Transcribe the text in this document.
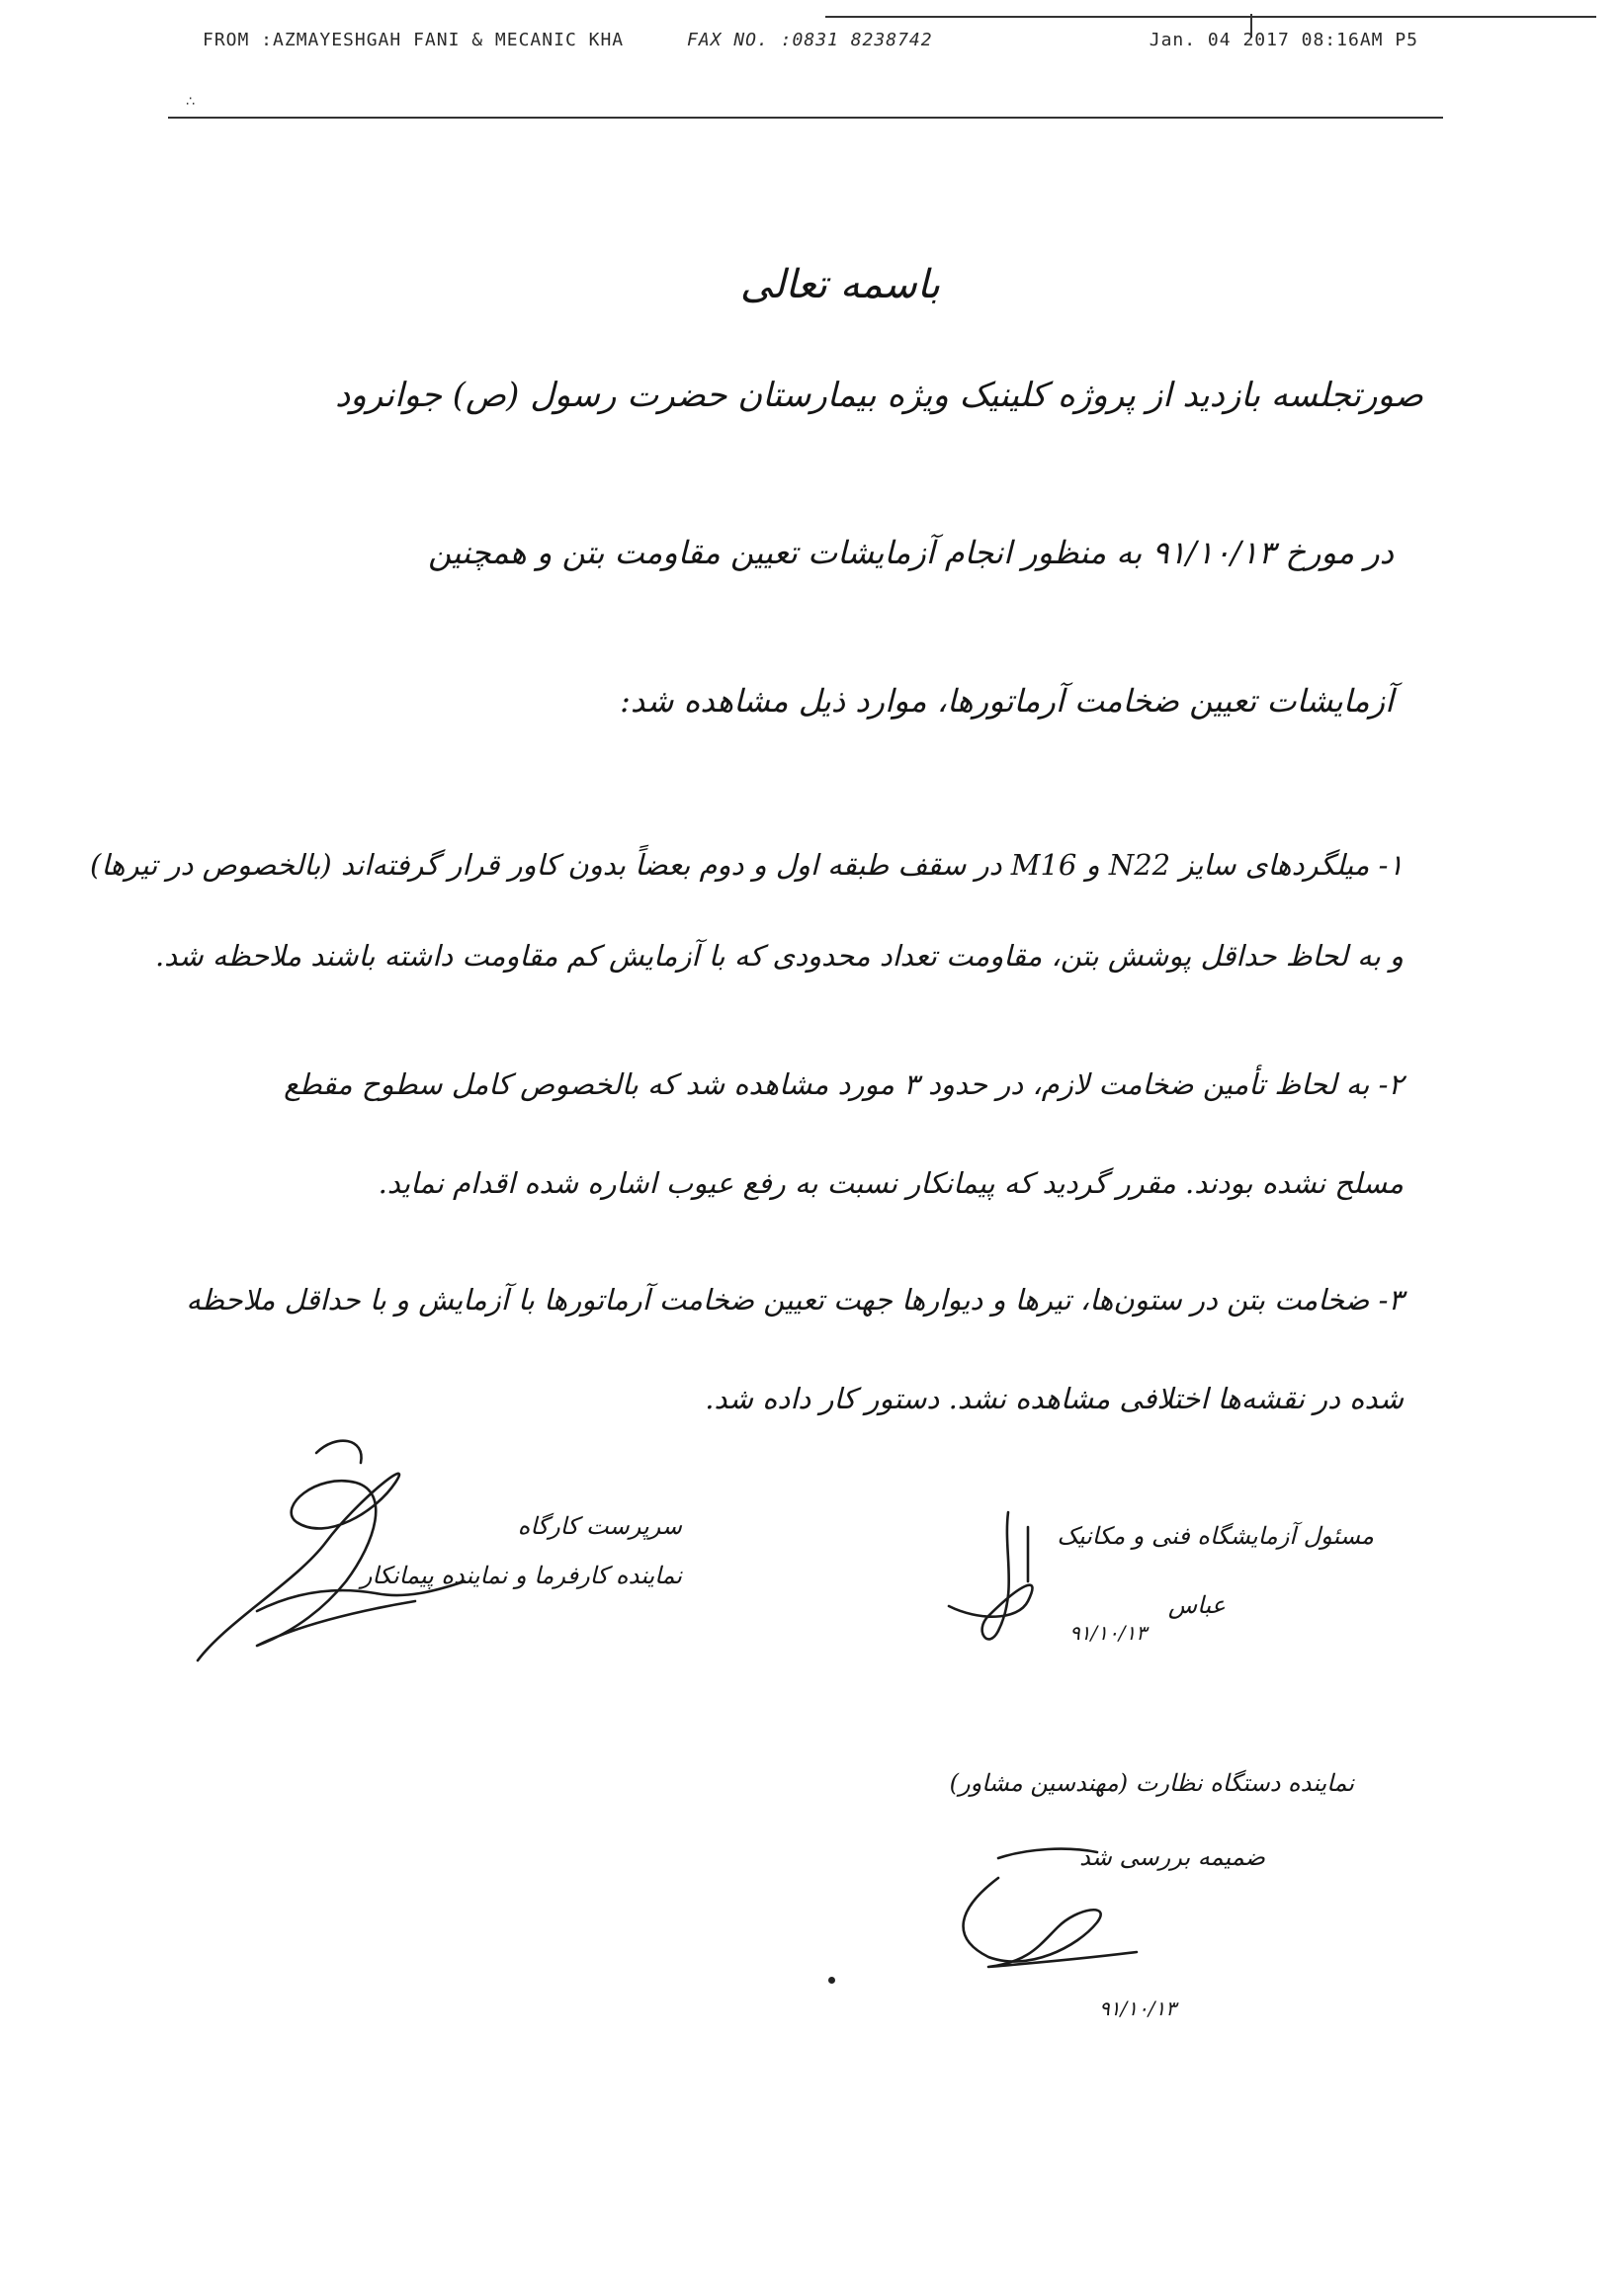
FROM :AZMAYESHGAH FANI & MECANIC KHA	FAX NO. :0831 8238742	Jan. 04 2017 08:16AM P5
∴
باسمه تعالی
صورتجلسه بازدید از پروژه کلینیک ویژه بیمارستان حضرت رسول (ص) جوانرود
در مورخ ۹۱/۱۰/۱۳ به منظور انجام آزمایشات تعیین مقاومت بتن و همچنین
آزمایشات تعیین ضخامت آرماتورها، موارد ذیل مشاهده شد:
۱- میلگردهای سایز N22 و M16 در سقف طبقه اول و دوم بعضاً بدون کاور قرار گرفته‌اند (بالخصوص در تیرها)
و به لحاظ حداقل پوشش بتن، مقاومت تعداد محدودی که با آزمایش کم مقاومت داشته باشند ملاحظه شد.
۲- به لحاظ تأمین ضخامت لازم، در حدود ۳ مورد مشاهده شد که بالخصوص کامل سطوح مقطع
مسلح نشده بودند. مقرر گردید که پیمانکار نسبت به رفع عیوب اشاره شده اقدام نماید.
۳- ضخامت بتن در ستون‌ها، تیرها و دیوارها جهت تعیین ضخامت آرماتورها با آزمایش و با حداقل ملاحظه
شده در نقشه‌ها اختلافی مشاهده نشد. دستور کار داده شد.
سرپرست کارگاه
نماینده کارفرما و نماینده پیمانکار
مسئول آزمایشگاه فنی و مکانیک
عباس
۹۱/۱۰/۱۳
نماینده دستگاه نظارت (مهندسین مشاور)
ضمیمه بررسی شد
۹۱/۱۰/۱۳
